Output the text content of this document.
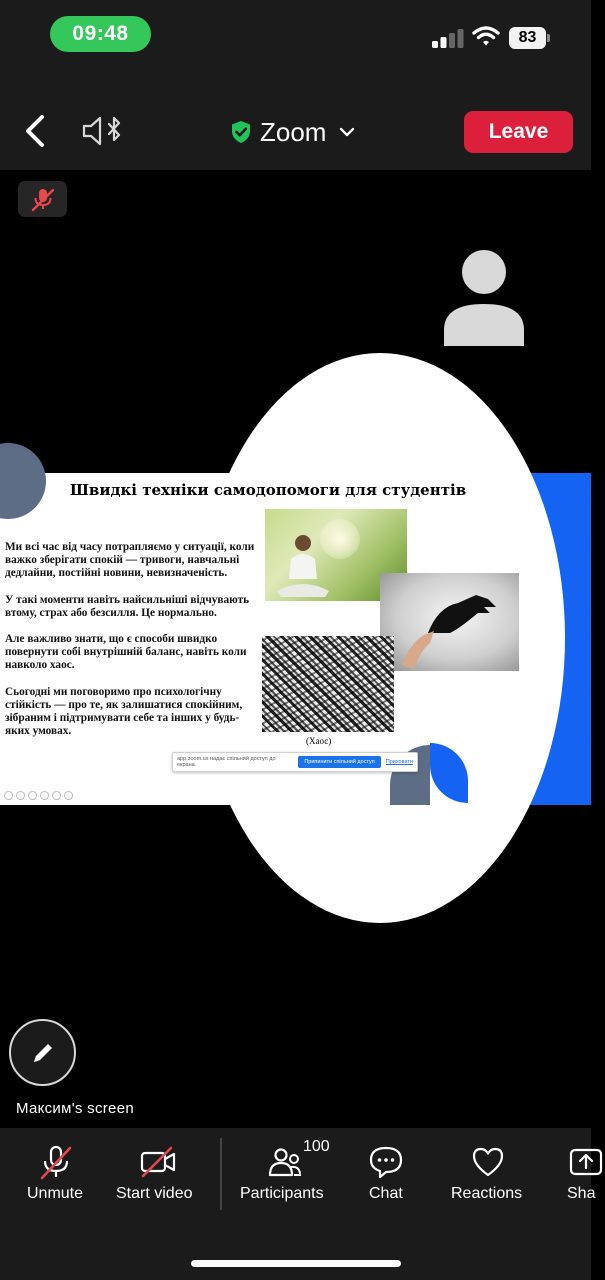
09:48	83
Zoom	Leave
Швидкі техніки самодопомоги для студентів

Ми всі час від часу потрапляємо у ситуації, коли важко зберігати спокій — тривоги, навчальні дедлайни, постійні новини, невизначеність.

У такі моменти навіть найсильніші відчувають втому, страх або безсилля. Це нормально.

Але важливо знати, що є способи швидко повернути собі внутрішній баланс, навіть коли навколо хаос.

Сьогодні ми поговоримо про психологічну стійкість — про те, як залишатися спокійним, зібраним і підтримувати себе та інших у будь-яких умовах.

(Хаос)
app.zoom.us надає спільний доступ до екрана.	Припинити спільний доступ	Приховати
Максим's screen
Unmute Start video	Participants
100
Chat	Reactions	Sha
